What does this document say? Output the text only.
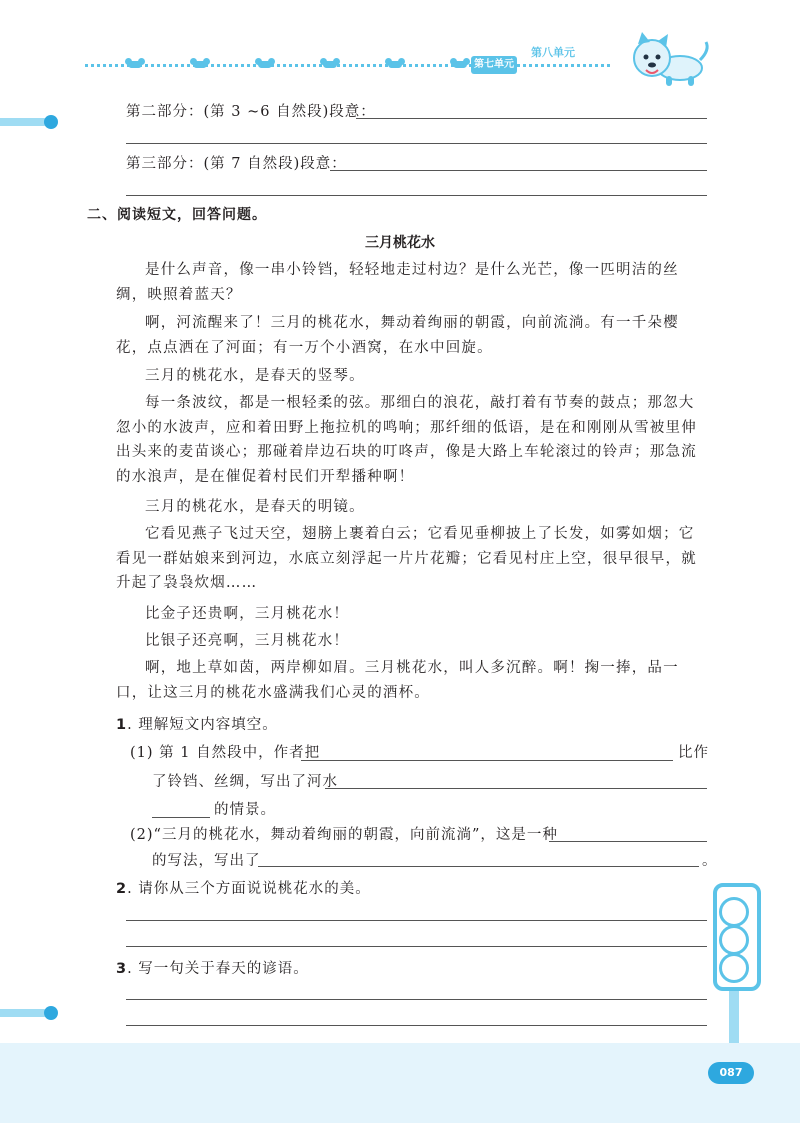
第七单元
第八单元
第二部分：(第 3 ~6 自然段)段意：
第三部分：(第 7 自然段)段意：
二、阅读短文，回答问题。
三月桃花水
是什么声音，像一串小铃铛，轻轻地走过村边？是什么光芒，像一匹明洁的丝绸，映照着蓝天？
啊，河流醒来了！三月的桃花水，舞动着绚丽的朝霞，向前流淌。有一千朵樱花，点点洒在了河面；有一万个小酒窝，在水中回旋。
三月的桃花水，是春天的竖琴。
每一条波纹，都是一根轻柔的弦。那细白的浪花，敲打着有节奏的鼓点；那忽大忽小的水波声，应和着田野上拖拉机的鸣响；那纤细的低语，是在和刚刚从雪被里伸出头来的麦苗谈心；那碰着岸边石块的叮咚声，像是大路上车轮滚过的铃声；那急流的水浪声，是在催促着村民们开犁播种啊！
三月的桃花水，是春天的明镜。
它看见燕子飞过天空，翅膀上裹着白云；它看见垂柳披上了长发，如雾如烟；它看见一群姑娘来到河边，水底立刻浮起一片片花瓣；它看见村庄上空，很早很早，就升起了袅袅炊烟……
比金子还贵啊，三月桃花水！
比银子还亮啊，三月桃花水！
啊，地上草如茵，两岸柳如眉。三月桃花水，叫人多沉醉。啊！掬一捧，品一口，让这三月的桃花水盛满我们心灵的酒杯。
1. 理解短文内容填空。
(1) 第 1 自然段中，作者把	比作
了铃铛、丝绸，写出了河水
的情景。
(2)“三月的桃花水，舞动着绚丽的朝霞，向前流淌”，这是一种
的写法，写出了	。
2. 请你从三个方面说说桃花水的美。
3. 写一句关于春天的谚语。
087
